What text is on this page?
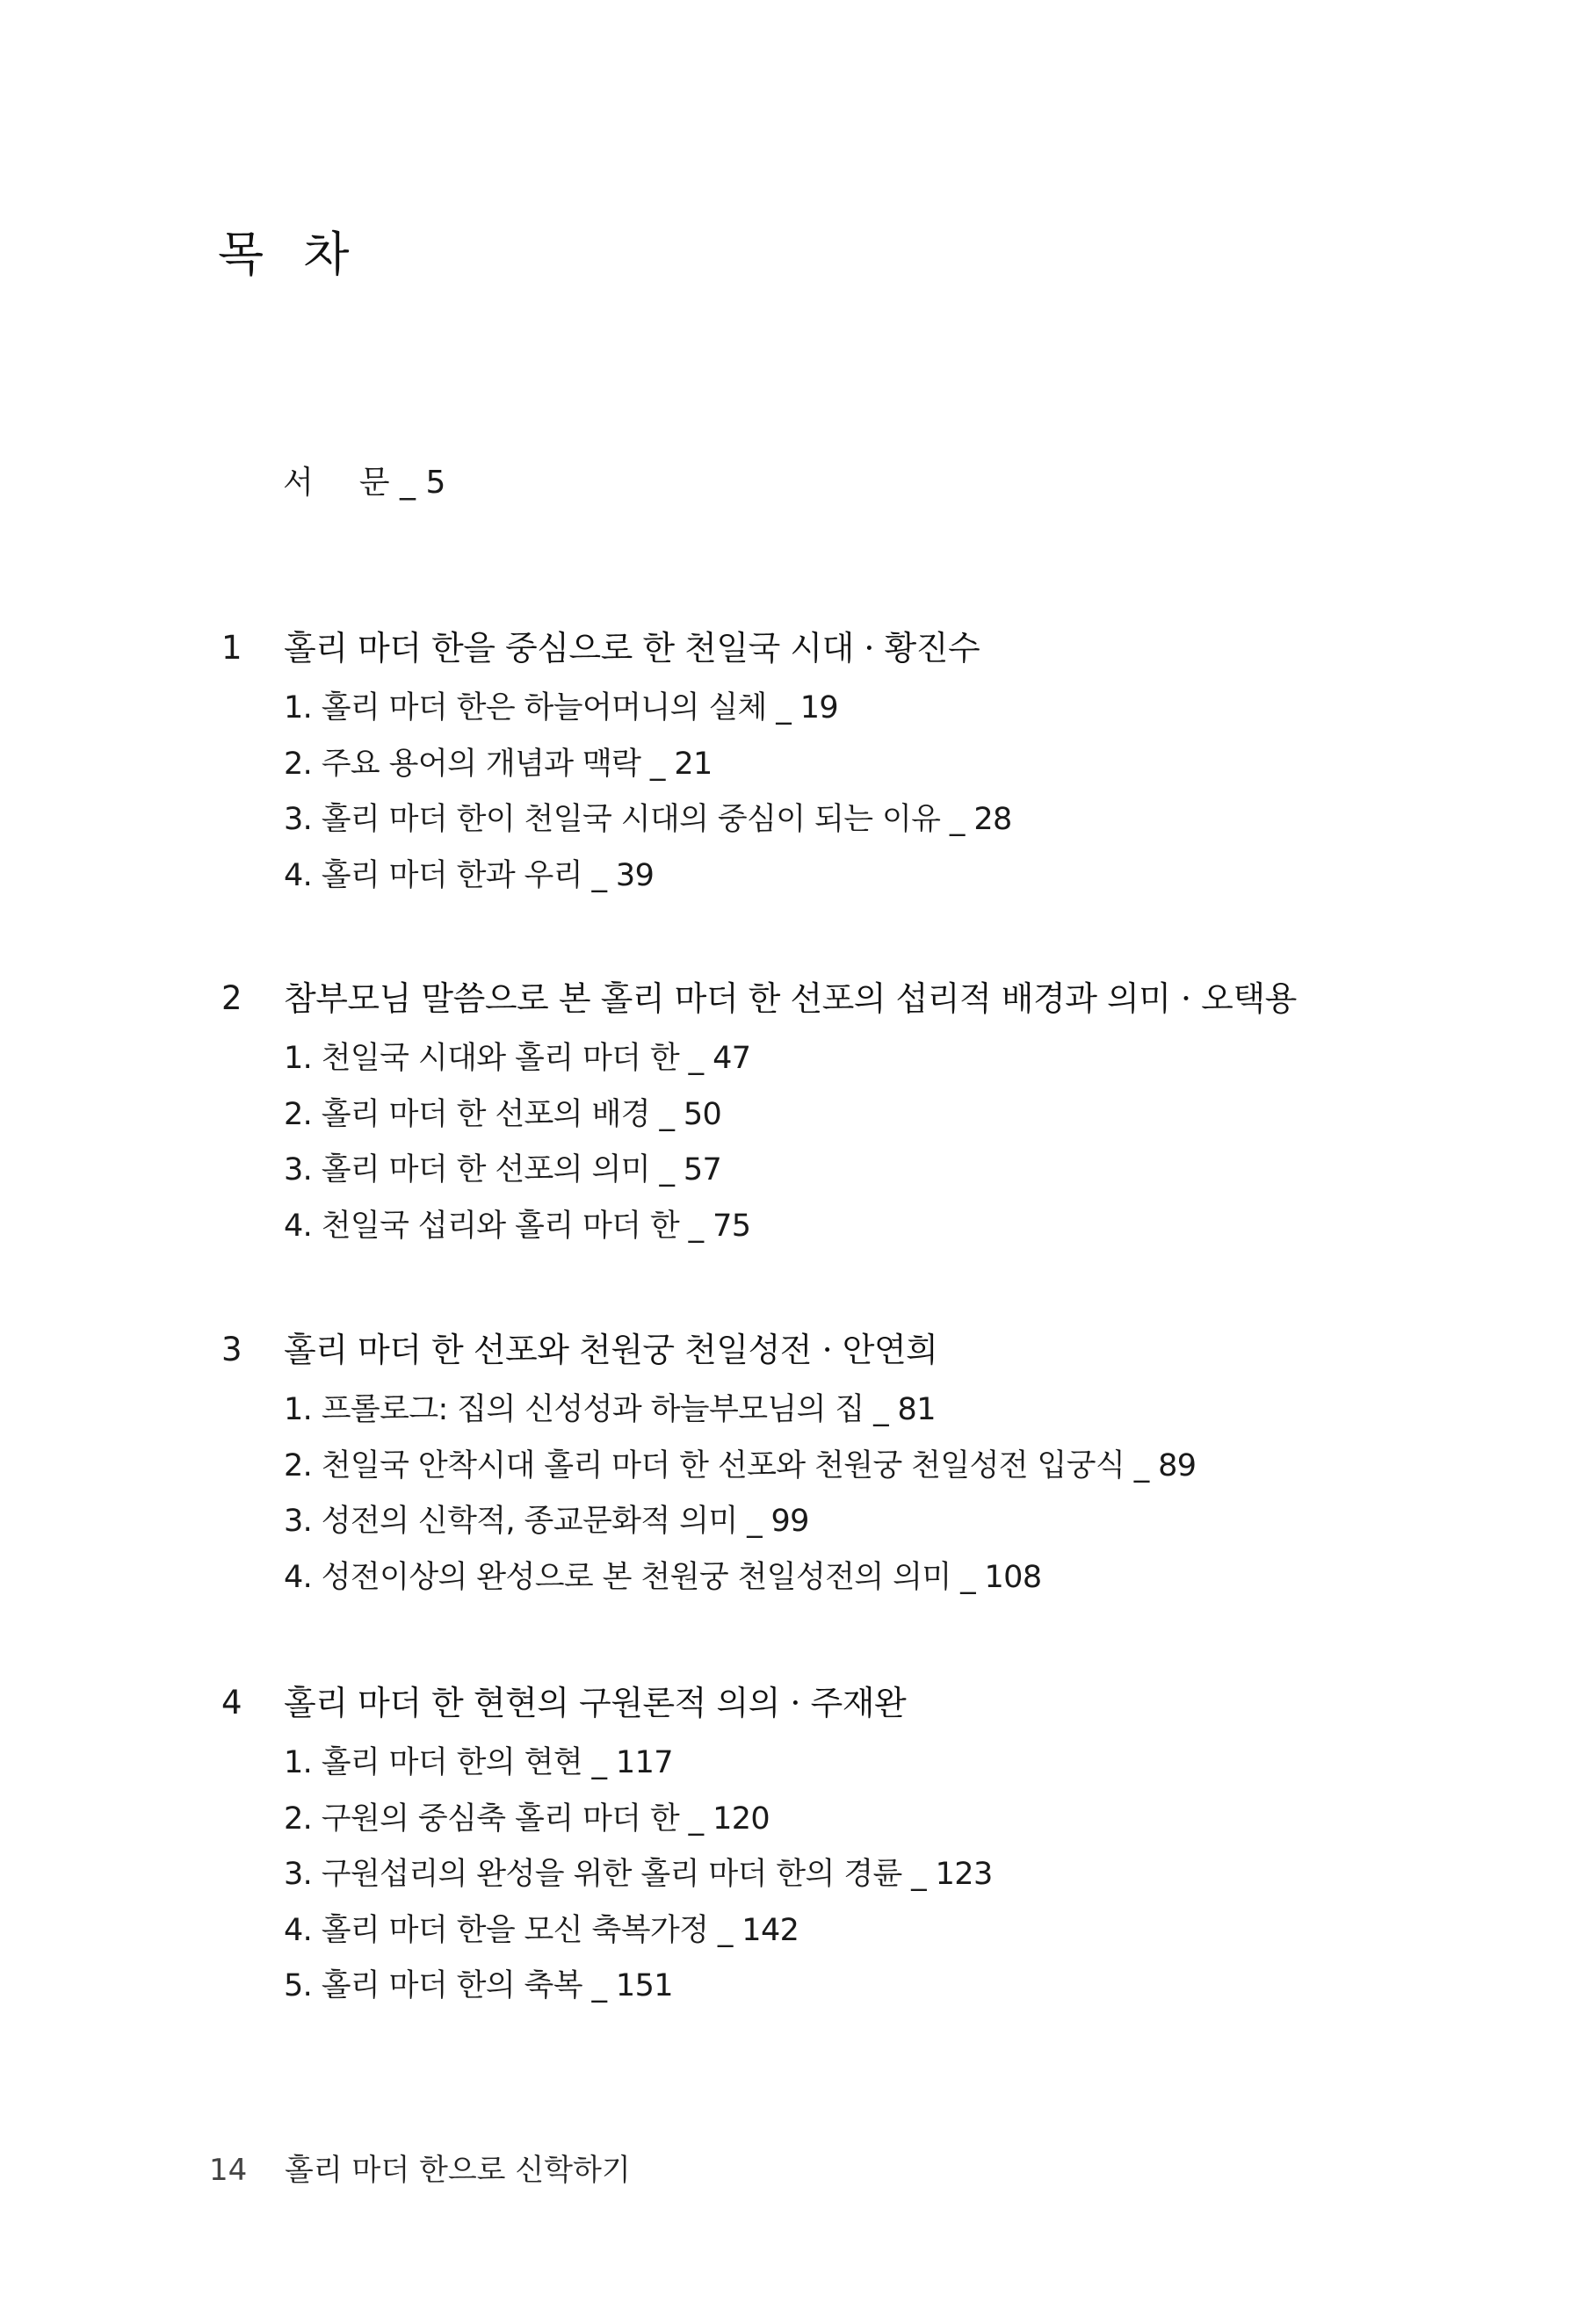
목 차
서 문 _ 5
1 홀리 마더 한을 중심으로 한 천일국 시대 · 황진수
1. 홀리 마더 한은 하늘어머니의 실체 _ 19
2. 주요 용어의 개념과 맥락 _ 21
3. 홀리 마더 한이 천일국 시대의 중심이 되는 이유 _ 28
4. 홀리 마더 한과 우리 _ 39
2 참부모님 말씀으로 본 홀리 마더 한 선포의 섭리적 배경과 의미 · 오택용
1. 천일국 시대와 홀리 마더 한 _ 47
2. 홀리 마더 한 선포의 배경 _ 50
3. 홀리 마더 한 선포의 의미 _ 57
4. 천일국 섭리와 홀리 마더 한 _ 75
3 홀리 마더 한 선포와 천원궁 천일성전 · 안연희
1. 프롤로그: 집의 신성성과 하늘부모님의 집 _ 81
2. 천일국 안착시대 홀리 마더 한 선포와 천원궁 천일성전 입궁식 _ 89
3. 성전의 신학적, 종교문화적 의미 _ 99
4. 성전이상의 완성으로 본 천원궁 천일성전의 의미 _ 108
4 홀리 마더 한 현현의 구원론적 의의 · 주재완
1. 홀리 마더 한의 현현 _ 117
2. 구원의 중심축 홀리 마더 한 _ 120
3. 구원섭리의 완성을 위한 홀리 마더 한의 경륜 _ 123
4. 홀리 마더 한을 모신 축복가정 _ 142
5. 홀리 마더 한의 축복 _ 151
14 홀리 마더 한으로 신학하기
